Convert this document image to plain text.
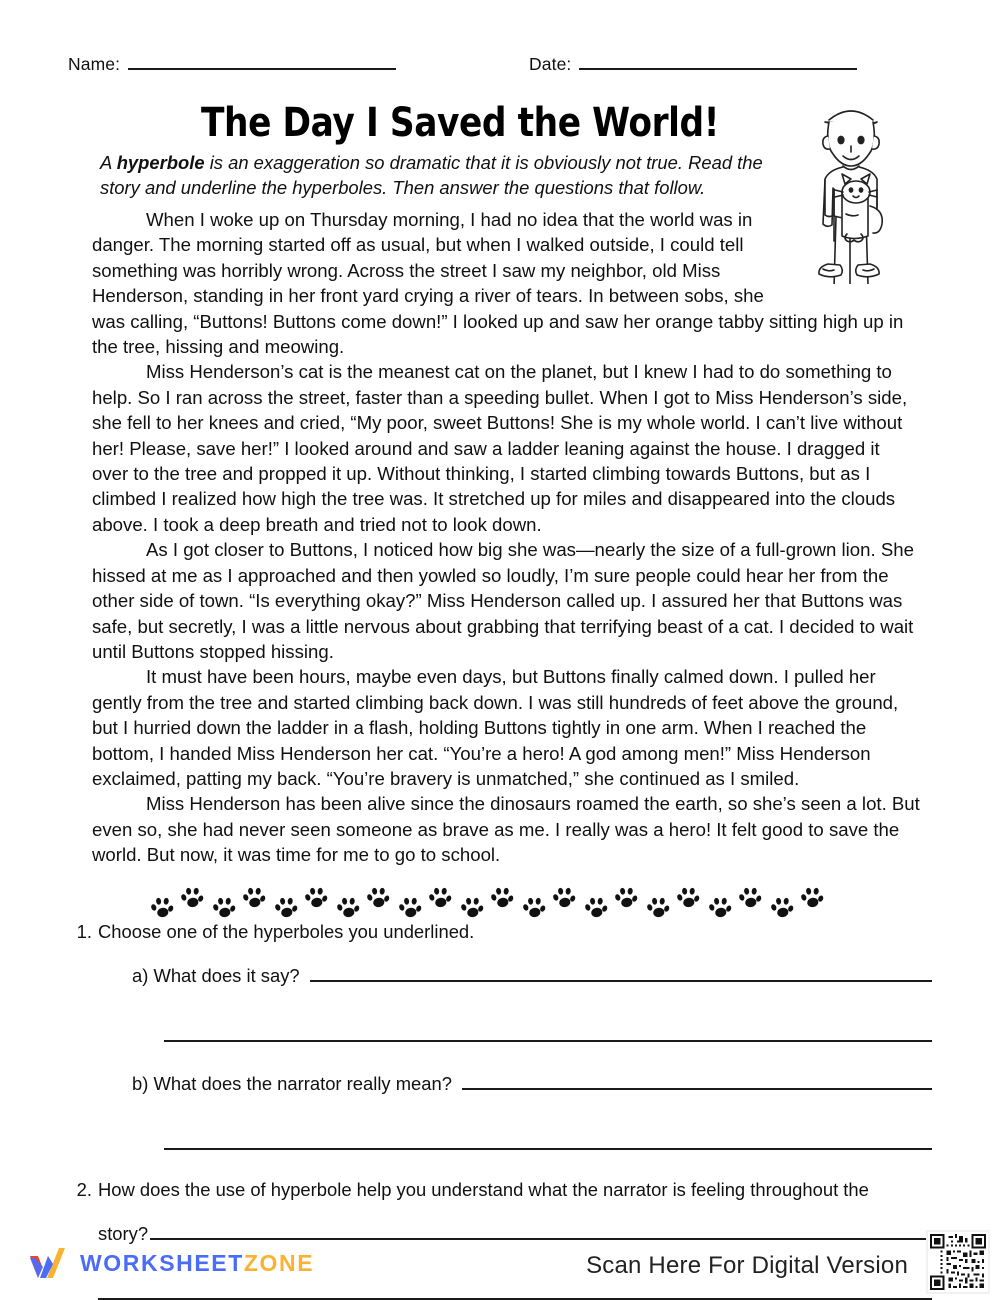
Name:	Date:
The Day I Saved the World!
A hyperbole is an exaggeration so dramatic that it is obviously not true. Read the story and underline the hyperboles. Then answer the questions that follow.

When I woke up on Thursday morning, I had no idea that the world was in danger. The morning started off as usual, but when I walked outside, I could tell something was horribly wrong. Across the street I saw my neighbor, old Miss Henderson, standing in her front yard crying a river of tears. In between sobs, she was calling, “Buttons! Buttons come down!” I looked up and saw her orange tabby sitting high up in the tree, hissing and meowing.

Miss Henderson’s cat is the meanest cat on the planet, but I knew I had to do something to help. So I ran across the street, faster than a speeding bullet. When I got to Miss Henderson’s side, she fell to her knees and cried, “My poor, sweet Buttons! She is my whole world. I can’t live without her! Please, save her!” I looked around and saw a ladder leaning against the house. I dragged it over to the tree and propped it up. Without thinking, I started climbing towards Buttons, but as I climbed I realized how high the tree was. It stretched up for miles and disappeared into the clouds above. I took a deep breath and tried not to look down.

As I got closer to Buttons, I noticed how big she was—nearly the size of a full-grown lion. She hissed at me as I approached and then yowled so loudly, I’m sure people could hear her from the other side of town. “Is everything okay?” Miss Henderson called up. I assured her that Buttons was safe, but secretly, I was a little nervous about grabbing that terrifying beast of a cat. I decided to wait until Buttons stopped hissing.

It must have been hours, maybe even days, but Buttons finally calmed down. I pulled her gently from the tree and started climbing back down. I was still hundreds of feet above the ground, but I hurried down the ladder in a flash, holding Buttons tightly in one arm. When I reached the bottom, I handed Miss Henderson her cat. “You’re a hero! A god among men!” Miss Henderson exclaimed, patting my back. “You’re bravery is unmatched,” she continued as I smiled.

Miss Henderson has been alive since the dinosaurs roamed the earth, so she’s seen a lot. But even so, she had never seen someone as brave as me. I really was a hero! It felt good to save the world. But now, it was time for me to go to school.

1. Choose one of the hyperboles you underlined.
a) What does it say?
b) What does the narrator really mean?
2. How does the use of hyperbole help you understand what the narrator is feeling throughout the
story?
WORKSHEETZONE	Scan Here For Digital Version
